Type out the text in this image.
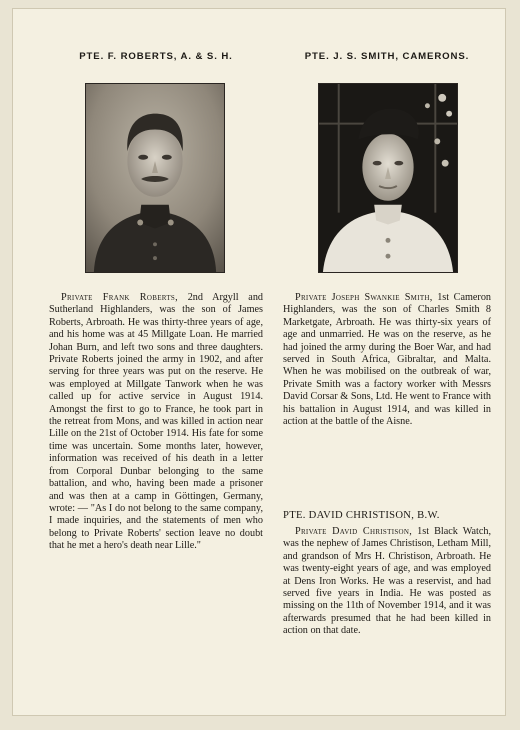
PTE. F. ROBERTS, A. & S. H.
Private Frank Roberts, 2nd Argyll and Sutherland Highlanders, was the son of James Roberts, Arbroath. He was thirty-three years of age, and his home was at 45 Millgate Loan. He married Johan Burn, and left two sons and three daughters. Private Roberts joined the army in 1902, and after serving for three years was put on the reserve. He was employed at Millgate Tanwork when he was called up for active service in August 1914. Amongst the first to go to France, he took part in the retreat from Mons, and was killed in action near Lille on the 21st of October 1914. His fate for some time was uncertain. Some months later, however, information was received of his death in a letter from Corporal Dunbar belonging to the same battalion, and who, having been made a prisoner and was then at a camp in Göttingen, Germany, wrote: — "As I do not belong to the same company, I made inquiries, and the statements of men who belong to Private Roberts' section leave no doubt that he met a hero's death near Lille."
PTE. J. S. SMITH, CAMERONS.
Private Joseph Swankie Smith, 1st Cameron Highlanders, was the son of Charles Smith 8 Marketgate, Arbroath. He was thirty-six years of age and unmarried. He was on the reserve, as he had joined the army during the Boer War, and had served in South Africa, Gibraltar, and Malta. When he was mobilised on the outbreak of war, Private Smith was a factory worker with Messrs David Corsar & Sons, Ltd. He went to France with his battalion in August 1914, and was killed in action at the battle of the Aisne.
PTE. DAVID CHRISTISON, B.W.
Private David Christison, 1st Black Watch, was the nephew of James Christison, Letham Mill, and grandson of Mrs H. Christison, Arbroath. He was twenty-eight years of age, and was employed at Dens Iron Works. He was a reservist, and had served five years in India. He was posted as missing on the 11th of November 1914, and it was afterwards presumed that he had been killed in action on that date.
